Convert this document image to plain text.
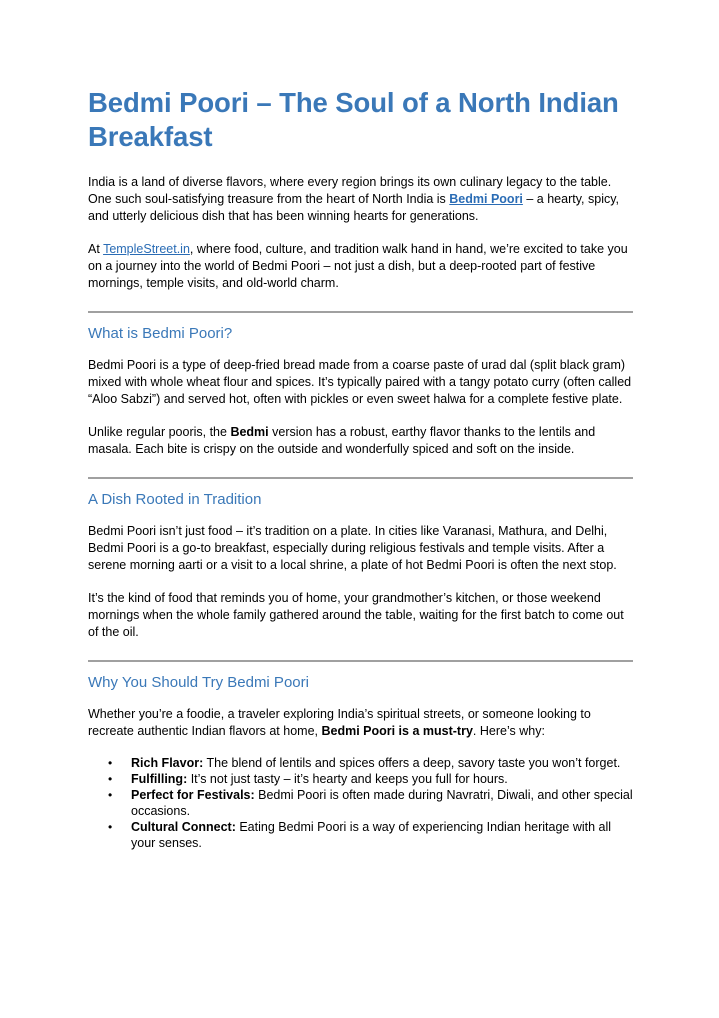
Bedmi Poori – The Soul of a North Indian Breakfast

India is a land of diverse flavors, where every region brings its own culinary legacy to the table. One such soul-satisfying treasure from the heart of North India is Bedmi Poori – a hearty, spicy, and utterly delicious dish that has been winning hearts for generations.

At TempleStreet.in, where food, culture, and tradition walk hand in hand, we’re excited to take you on a journey into the world of Bedmi Poori – not just a dish, but a deep-rooted part of festive mornings, temple visits, and old-world charm.

What is Bedmi Poori?

Bedmi Poori is a type of deep-fried bread made from a coarse paste of urad dal (split black gram) mixed with whole wheat flour and spices. It’s typically paired with a tangy potato curry (often called “Aloo Sabzi”) and served hot, often with pickles or even sweet halwa for a complete festive plate.

Unlike regular pooris, the Bedmi version has a robust, earthy flavor thanks to the lentils and masala. Each bite is crispy on the outside and wonderfully spiced and soft on the inside.

A Dish Rooted in Tradition

Bedmi Poori isn’t just food – it’s tradition on a plate. In cities like Varanasi, Mathura, and Delhi, Bedmi Poori is a go-to breakfast, especially during religious festivals and temple visits. After a serene morning aarti or a visit to a local shrine, a plate of hot Bedmi Poori is often the next stop.

It’s the kind of food that reminds you of home, your grandmother’s kitchen, or those weekend mornings when the whole family gathered around the table, waiting for the first batch to come out of the oil.

Why You Should Try Bedmi Poori

Whether you’re a foodie, a traveler exploring India’s spiritual streets, or someone looking to recreate authentic Indian flavors at home, Bedmi Poori is a must-try. Here’s why:

• Rich Flavor: The blend of lentils and spices offers a deep, savory taste you won’t forget.
• Fulfilling: It’s not just tasty – it’s hearty and keeps you full for hours.
• Perfect for Festivals: Bedmi Poori is often made during Navratri, Diwali, and other special occasions.
• Cultural Connect: Eating Bedmi Poori is a way of experiencing Indian heritage with all your senses.
